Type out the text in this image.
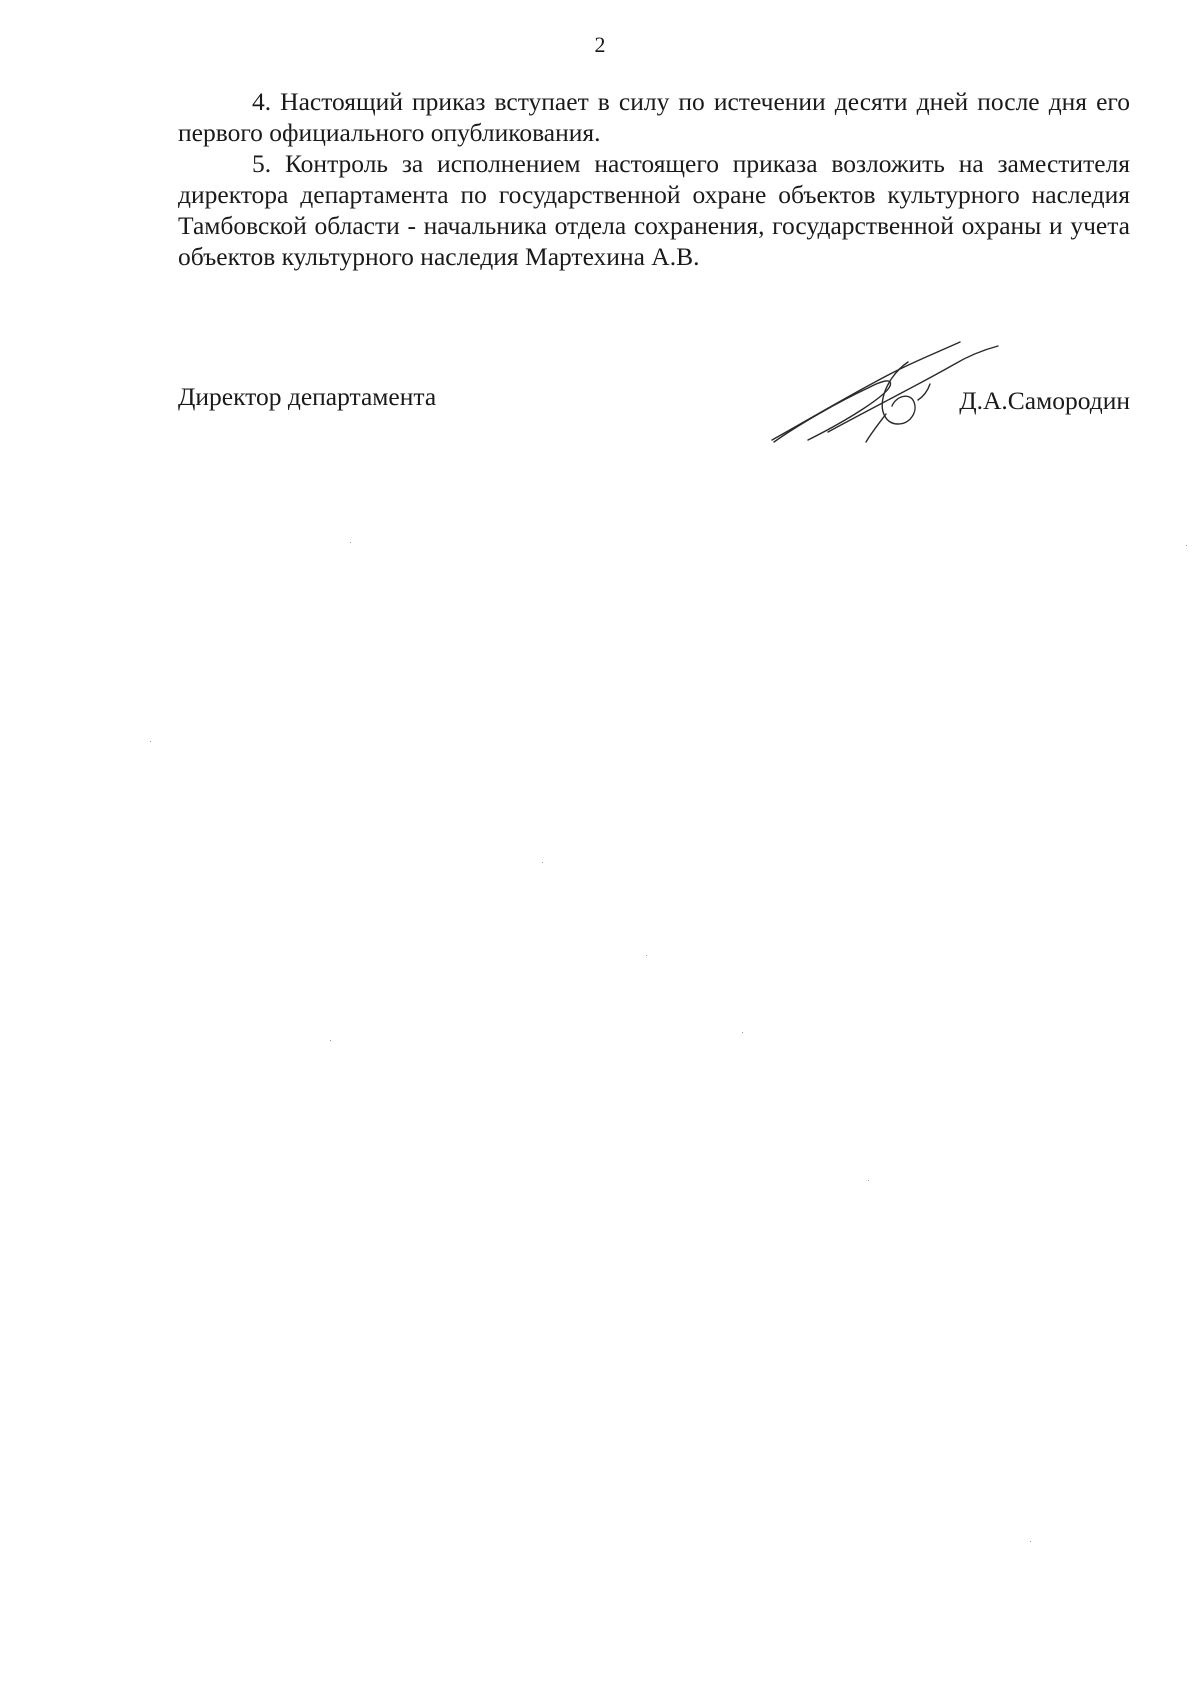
2

4. Настоящий приказ вступает в силу по истечении десяти дней после дня его первого официального опубликования.

5. Контроль за исполнением настоящего приказа возложить на заместителя директора департамента по государственной охране объектов культурного наследия Тамбовской области - начальника отдела сохранения, государственной охраны и учета объектов культурного наследия Мартехина А.В.

Директор департамента	Д.А.Самородин
